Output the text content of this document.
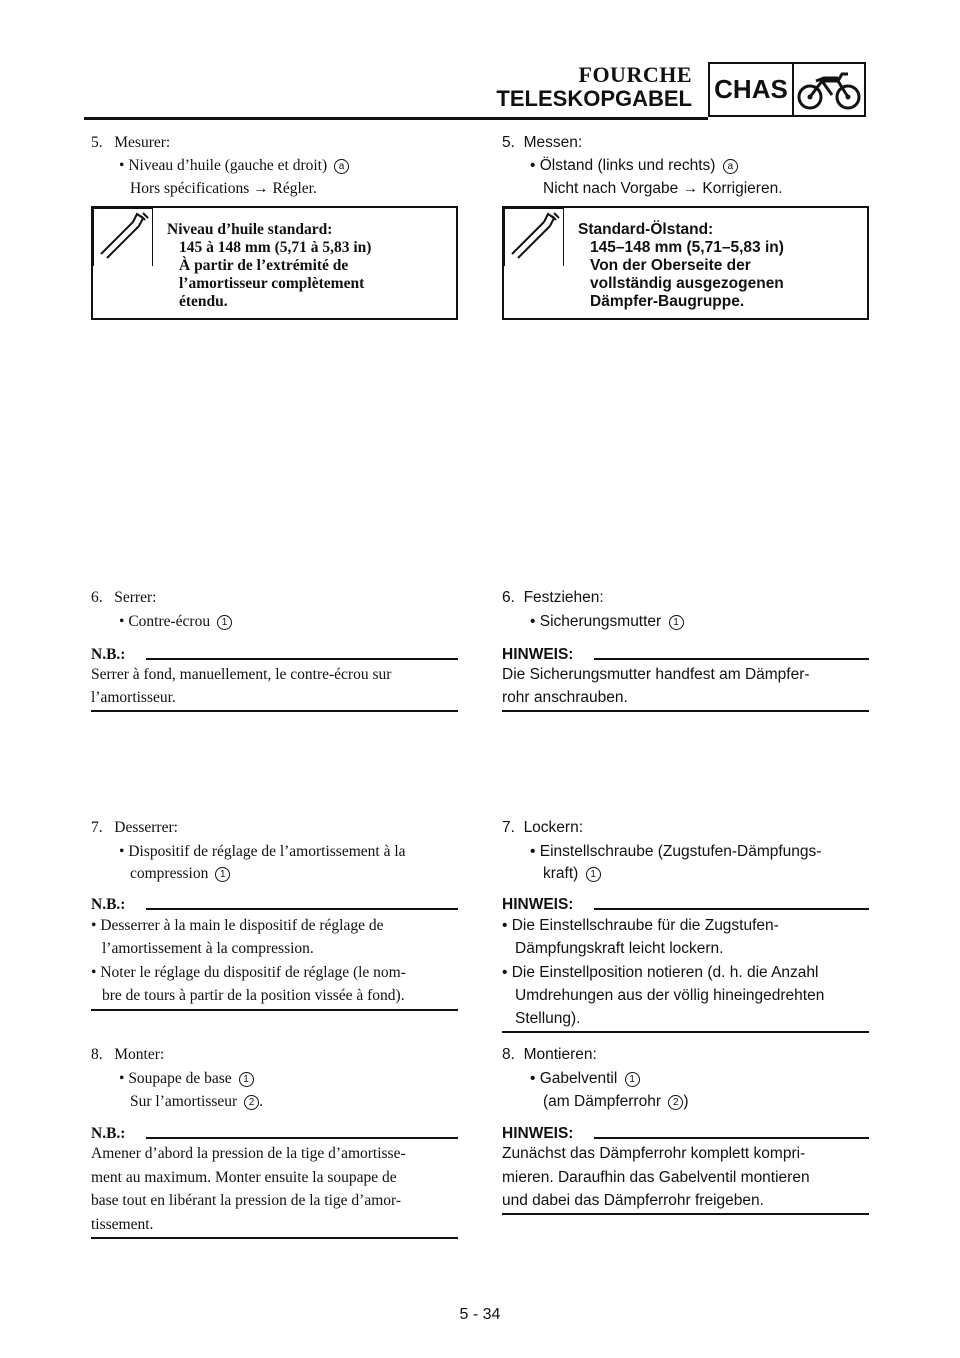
FOURCHE
TELESKOPGABEL CHAS
5. Mesurer:
• Niveau d’huile (gauche et droit) a
Hors spécifications → Régler.
Niveau d’huile standard:
145 à 148 mm (5,71 à 5,83 in)
À partir de l’extrémité de
l’amortisseur complètement
étendu.
6. Serrer:
• Contre-écrou 1
N.B.:
Serrer à fond, manuellement, le contre-écrou sur
l’amortisseur.
7. Desserrer:
• Dispositif de réglage de l’amortissement à la
compression 1
N.B.:
• Desserrer à la main le dispositif de réglage de
l’amortissement à la compression.
• Noter le réglage du dispositif de réglage (le nom-
bre de tours à partir de la position vissée à fond).
8. Monter:
• Soupape de base 1
Sur l’amortisseur 2 .
N.B.:
Amener d’abord la pression de la tige d’amortisse-
ment au maximum. Monter ensuite la soupape de
base tout en libérant la pression de la tige d’amor-
tissement.
5. Messen:
• Ölstand (links und rechts) a
Nicht nach Vorgabe → Korrigieren.
Standard-Ölstand:
145–148 mm (5,71–5,83 in)
Von der Oberseite der
vollständig ausgezogenen
Dämpfer-Baugruppe.
6. Festziehen:
• Sicherungsmutter 1
HINWEIS:
Die Sicherungsmutter handfest am Dämpfer-
rohr anschrauben.
7. Lockern:
• Einstellschraube (Zugstufen-Dämpfungs-
kraft) 1
HINWEIS:
• Die Einstellschraube für die Zugstufen-
Dämpfungskraft leicht lockern.
• Die Einstellposition notieren (d. h. die Anzahl
Umdrehungen aus der völlig hineingedrehten
Stellung).
8. Montieren:
• Gabelventil 1
(am Dämpferrohr 2 )
HINWEIS:
Zunächst das Dämpferrohr komplett kompri-
mieren. Daraufhin das Gabelventil montieren
und dabei das Dämpferrohr freigeben.
5 - 34
